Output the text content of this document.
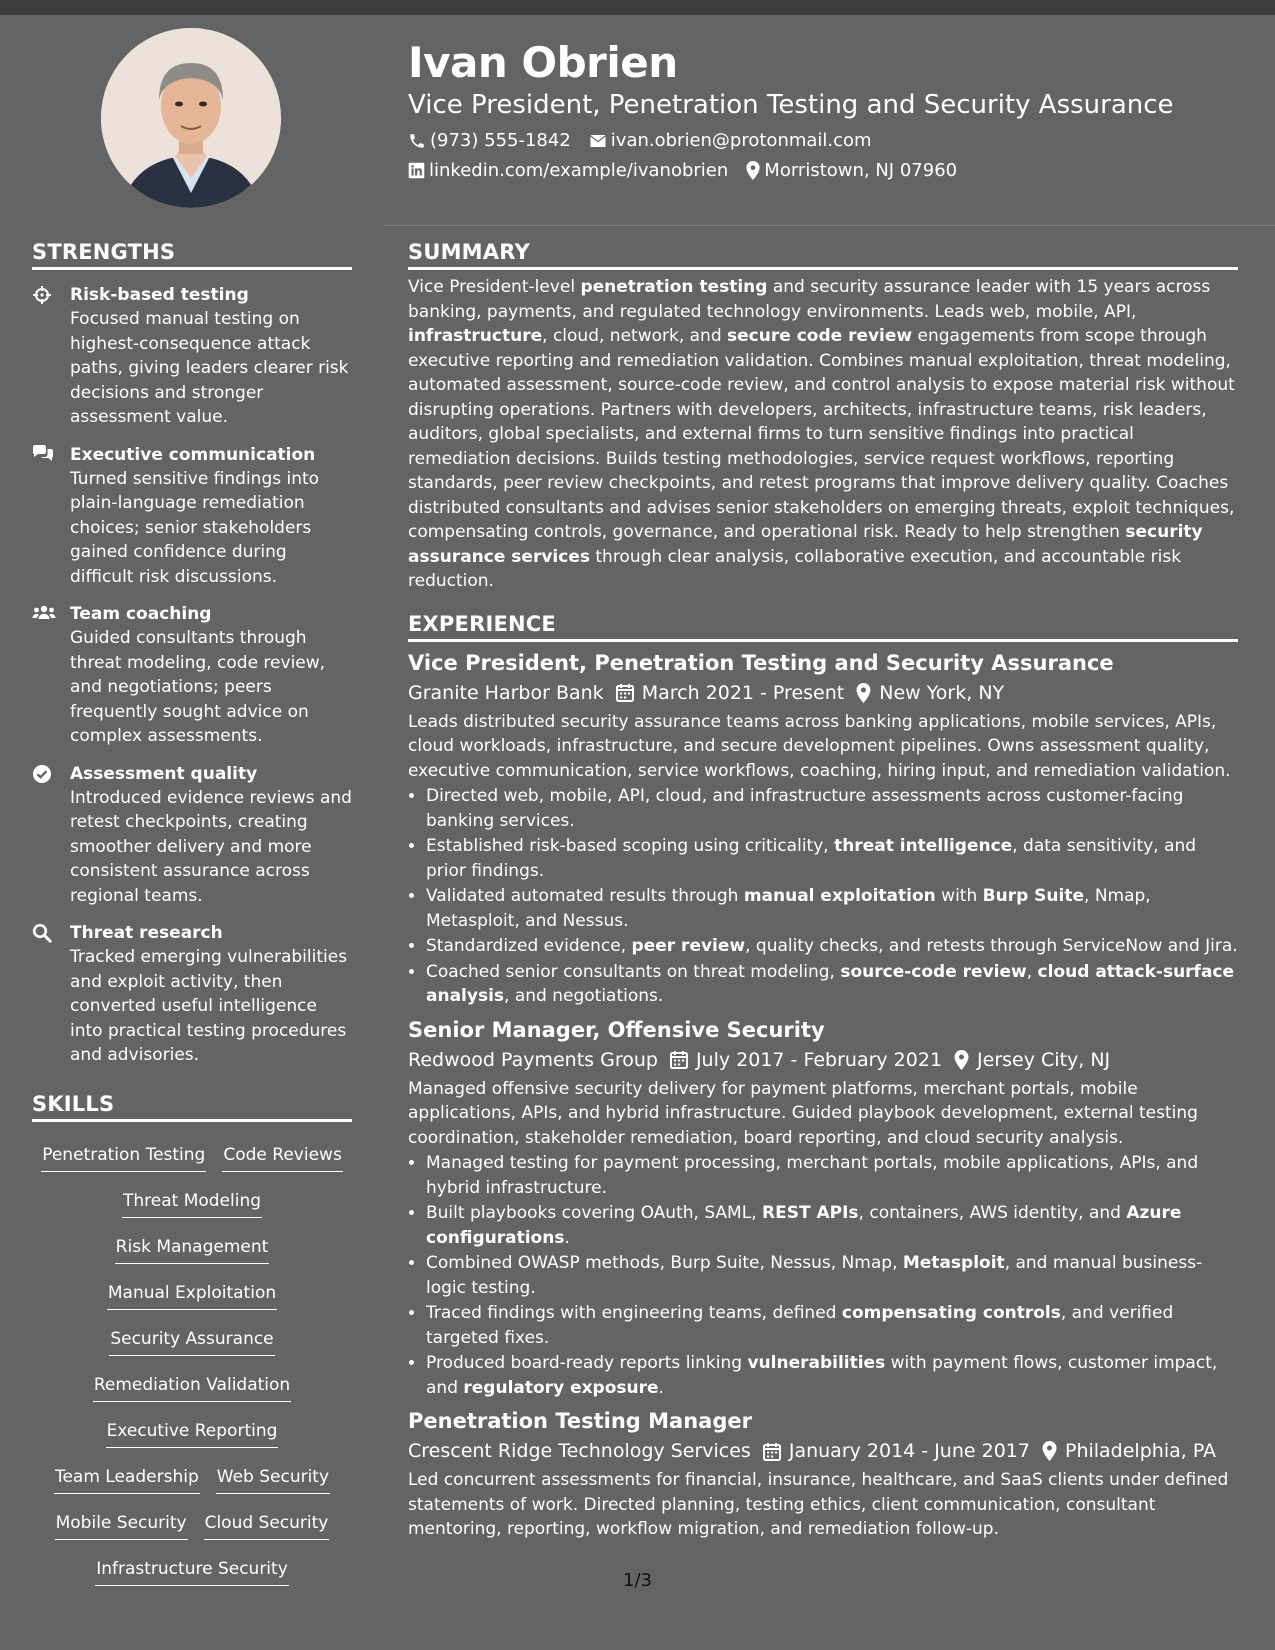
Ivan Obrien
Vice President, Penetration Testing and Security Assurance
(973) 555-1842 ivan.obrien@protonmail.com
linkedin.com/example/ivanobrien Morristown, NJ 07960
STRENGTHS
Risk-based testing
Focused manual testing on highest-consequence attack paths, giving leaders clearer risk decisions and stronger assessment value.
Executive communication
Turned sensitive findings into plain-language remediation choices; senior stakeholders gained confidence during difficult risk discussions.
Team coaching
Guided consultants through threat modeling, code review, and negotiations; peers frequently sought advice on complex assessments.
Assessment quality
Introduced evidence reviews and retest checkpoints, creating smoother delivery and more consistent assurance across regional teams.
Threat research
Tracked emerging vulnerabilities and exploit activity, then converted useful intelligence into practical testing procedures and advisories.
SKILLS
Penetration Testing Code Reviews
Threat Modeling
Risk Management
Manual Exploitation
Security Assurance
Remediation Validation
Executive Reporting
Team Leadership Web Security
Mobile Security Cloud Security
Infrastructure Security
SUMMARY
Vice President-level penetration testing and security assurance leader with 15 years across banking, payments, and regulated technology environments. Leads web, mobile, API, infrastructure, cloud, network, and secure code review engagements from scope through executive reporting and remediation validation. Combines manual exploitation, threat modeling, automated assessment, source-code review, and control analysis to expose material risk without disrupting operations. Partners with developers, architects, infrastructure teams, risk leaders, auditors, global specialists, and external firms to turn sensitive findings into practical remediation decisions. Builds testing methodologies, service request workflows, reporting standards, peer review checkpoints, and retest programs that improve delivery quality. Coaches distributed consultants and advises senior stakeholders on emerging threats, exploit techniques, compensating controls, governance, and operational risk. Ready to help strengthen security assurance services through clear analysis, collaborative execution, and accountable risk reduction.
EXPERIENCE
Vice President, Penetration Testing and Security Assurance
Granite Harbor Bank March 2021 - Present New York, NY
Leads distributed security assurance teams across banking applications, mobile services, APIs, cloud workloads, infrastructure, and secure development pipelines. Owns assessment quality, executive communication, service workflows, coaching, hiring input, and remediation validation.
• Directed web, mobile, API, cloud, and infrastructure assessments across customer-facing banking services.
• Established risk-based scoping using criticality, threat intelligence, data sensitivity, and prior findings.
• Validated automated results through manual exploitation with Burp Suite, Nmap, Metasploit, and Nessus.
• Standardized evidence, peer review, quality checks, and retests through ServiceNow and Jira.
• Coached senior consultants on threat modeling, source-code review, cloud attack-surface analysis, and negotiations.
Senior Manager, Offensive Security
Redwood Payments Group July 2017 - February 2021 Jersey City, NJ
Managed offensive security delivery for payment platforms, merchant portals, mobile applications, APIs, and hybrid infrastructure. Guided playbook development, external testing coordination, stakeholder remediation, board reporting, and cloud security analysis.
• Managed testing for payment processing, merchant portals, mobile applications, APIs, and hybrid infrastructure.
• Built playbooks covering OAuth, SAML, REST APIs, containers, AWS identity, and Azure configurations.
• Combined OWASP methods, Burp Suite, Nessus, Nmap, Metasploit, and manual business-logic testing.
• Traced findings with engineering teams, defined compensating controls, and verified targeted fixes.
• Produced board-ready reports linking vulnerabilities with payment flows, customer impact, and regulatory exposure.
Penetration Testing Manager
Crescent Ridge Technology Services January 2014 - June 2017 Philadelphia, PA
Led concurrent assessments for financial, insurance, healthcare, and SaaS clients under defined statements of work. Directed planning, testing ethics, client communication, consultant mentoring, reporting, workflow migration, and remediation follow-up.
1/3
